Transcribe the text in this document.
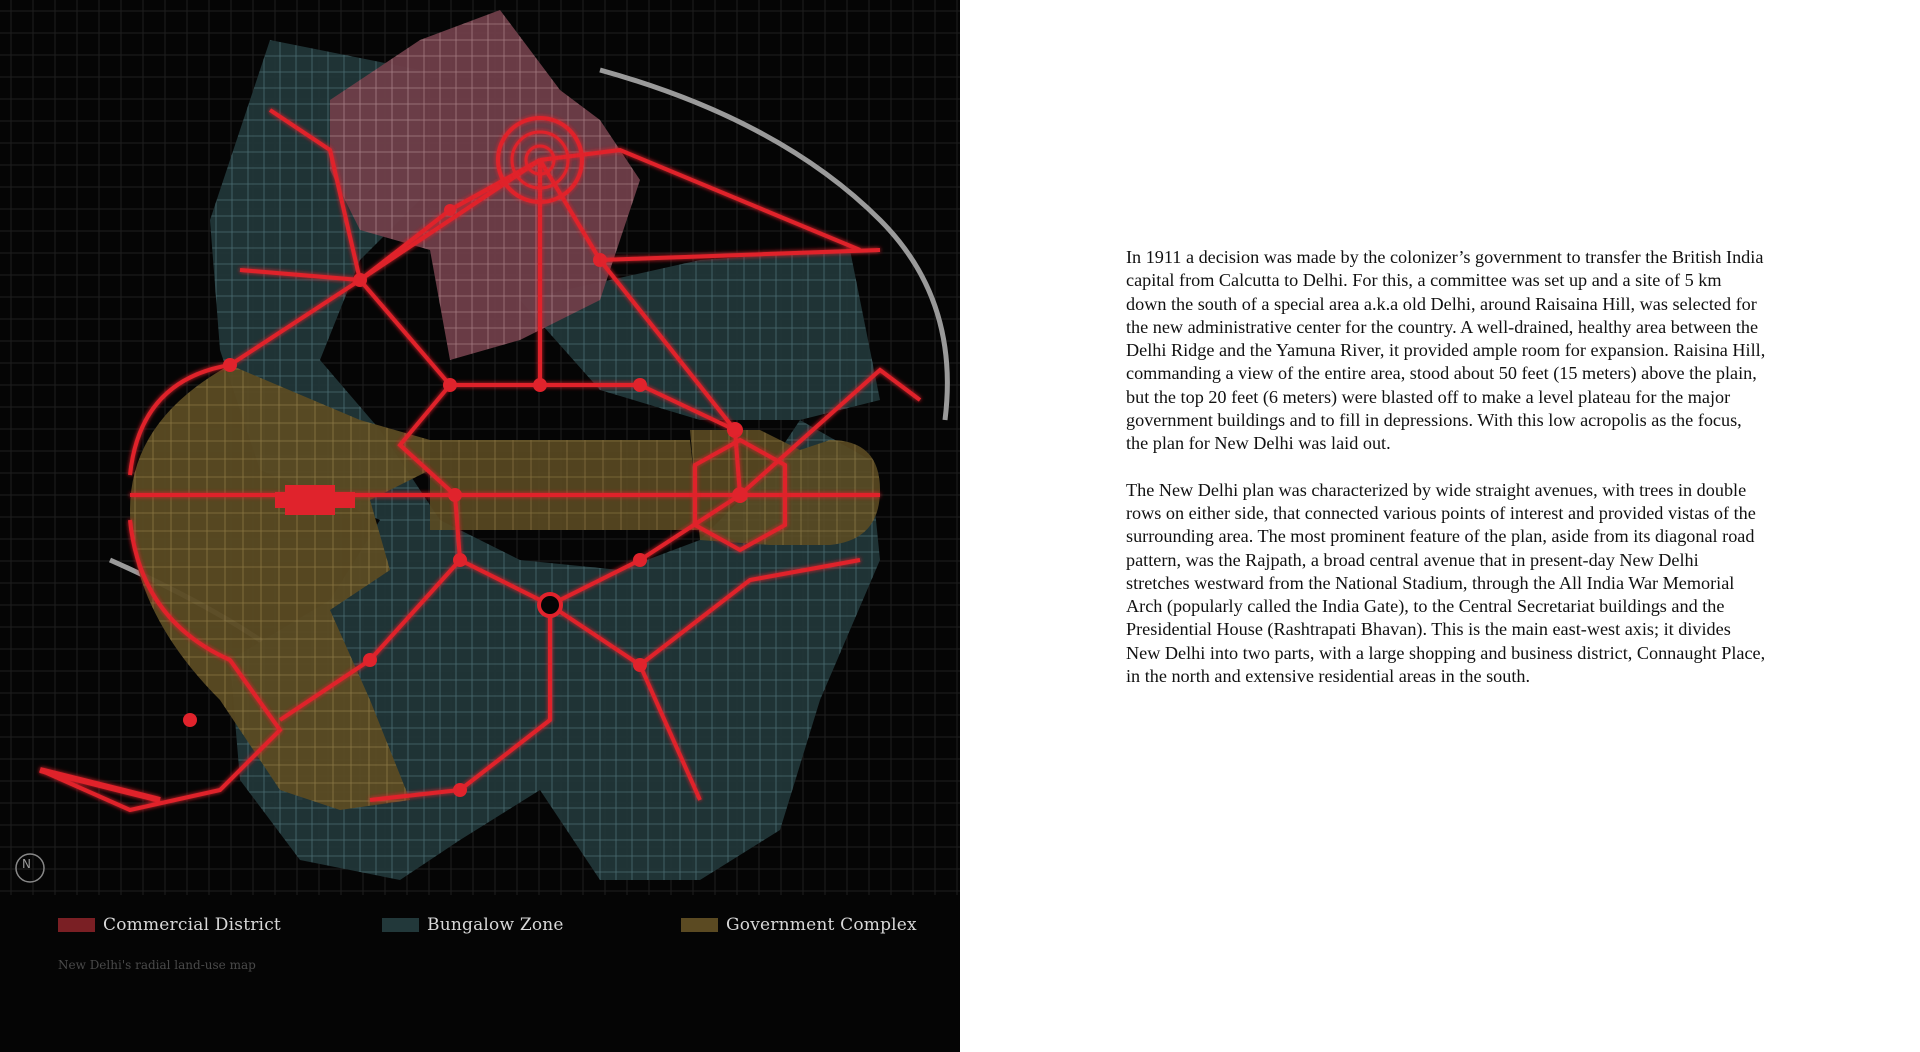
N
Commercial District	Bungalow Zone	Government Complex
New Delhi's radial land-use map

In 1911 a decision was made by the colonizer’s government to transfer the British India capital from Calcutta to Delhi. For this, a committee was set up and a site of 5 km down the south of a special area a.k.a old Delhi, around Raisaina Hill, was selected for the new administrative center for the country. A well-drained, healthy area between the Delhi Ridge and the Yamuna River, it provided ample room for expansion. Raisina Hill, commanding a view of the entire area, stood about 50 feet (15 meters) above the plain, but the top 20 feet (6 meters) were blasted off to make a level plateau for the major government buildings and to fill in depressions. With this low acropolis as the focus, the plan for New Delhi was laid out.

The New Delhi plan was characterized by wide straight avenues, with trees in double rows on either side, that connected various points of interest and provided vistas of the surrounding area. The most prominent feature of the plan, aside from its diagonal road pattern, was the Rajpath, a broad central avenue that in present-day New Delhi stretches westward from the National Stadium, through the All India War Memorial Arch (popularly called the India Gate), to the Central Secretariat buildings and the Presidential House (Rashtrapati Bhavan). This is the main east-west axis; it divides New Delhi into two parts, with a large shopping and business district, Connaught Place, in the north and extensive residential areas in the south.
